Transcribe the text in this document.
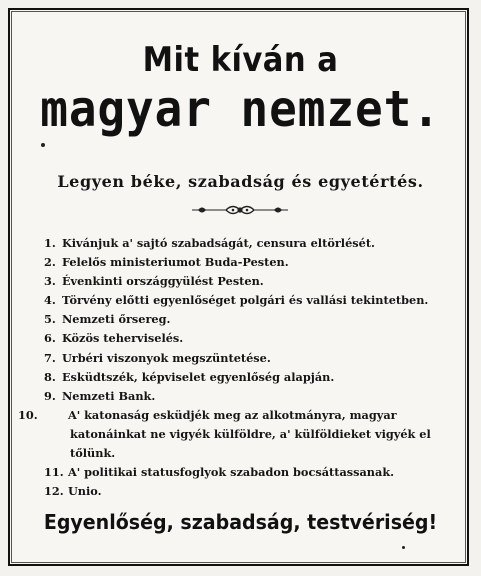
Mit kíván a
magyar nemzet.
Legyen béke, szabadság és egyetértés.
1. Kivánjuk a' sajtó szabadságát, censura eltörlését.
2. Felelős ministeriumot Buda-Pesten.
3. Évenkinti országgyülést Pesten.
4. Törvény előtti egyenlőséget polgári és vallási tekintetben.
5. Nemzeti őrsereg.
6. Közös teherviselés.
7. Urbéri viszonyok megszüntetése.
8. Esküdtszék, képviselet egyenlőség alapján.
9. Nemzeti Bank.
10.	A' katonaság esküdjék meg az alkotmányra, magyar katonáinkat ne vigyék külföldre, a' külföldieket vigyék el tőlünk.
11. A' politikai statusfoglyok szabadon bocsáttassanak.
12. Unio.
Egyenlőség, szabadság, testvériség!
